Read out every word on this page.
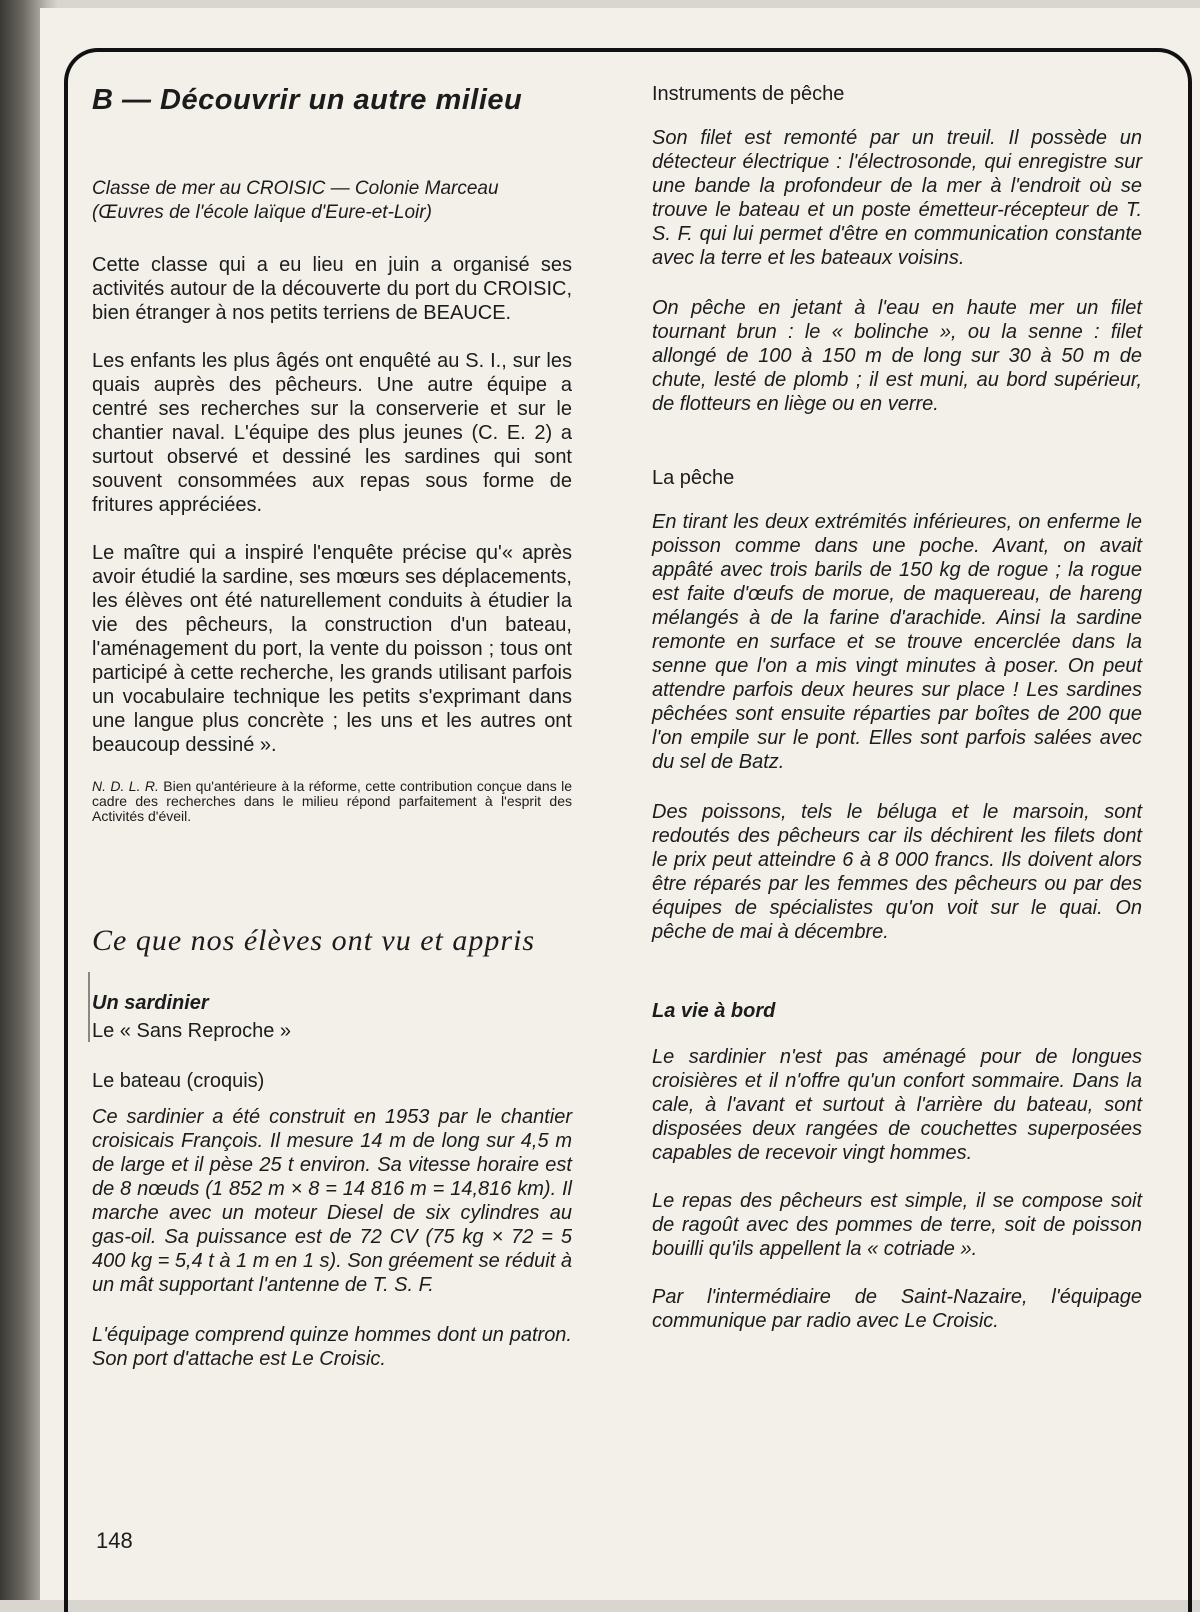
B — Découvrir un autre milieu

Classe de mer au CROISIC — Colonie Marceau

(Œuvres de l'école laïque d'Eure-et-Loir)

Cette classe qui a eu lieu en juin a organisé ses activités autour de la découverte du port du CROISIC, bien étranger à nos petits terriens de BEAUCE.

Les enfants les plus âgés ont enquêté au S. I., sur les quais auprès des pêcheurs. Une autre équipe a centré ses recherches sur la conserverie et sur le chantier naval. L'équipe des plus jeunes (C. E. 2) a surtout observé et dessiné les sardines qui sont souvent consommées aux repas sous forme de fritures appréciées.

Le maître qui a inspiré l'enquête précise qu'« après avoir étudié la sardine, ses mœurs ses déplacements, les élèves ont été naturellement conduits à étudier la vie des pêcheurs, la construction d'un bateau, l'aménagement du port, la vente du poisson ; tous ont participé à cette recherche, les grands utilisant parfois un vocabulaire technique les petits s'exprimant dans une langue plus concrète ; les uns et les autres ont beaucoup dessiné ».

N. D. L. R. Bien qu'antérieure à la réforme, cette contribution conçue dans le cadre des recherches dans le milieu répond parfaitement à l'esprit des Activités d'éveil.

Ce que nos élèves ont vu et appris
Un sardinier

Le « Sans Reproche »

Le bateau (croquis)

Ce sardinier a été construit en 1953 par le chantier croisicais François. Il mesure 14 m de long sur 4,5 m de large et il pèse 25 t environ. Sa vitesse horaire est de 8 nœuds (1 852 m × 8 = 14 816 m = 14,816 km). Il marche avec un moteur Diesel de six cylindres au gas-oil. Sa puissance est de 72 CV (75 kg × 72 = 5 400 kg = 5,4 t à 1 m en 1 s). Son gréement se réduit à un mât supportant l'antenne de T. S. F.

L'équipage comprend quinze hommes dont un patron. Son port d'attache est Le Croisic.

Instruments de pêche

Son filet est remonté par un treuil. Il possède un détecteur électrique : l'électrosonde, qui enregistre sur une bande la profondeur de la mer à l'endroit où se trouve le bateau et un poste émetteur-récepteur de T. S. F. qui lui permet d'être en communication constante avec la terre et les bateaux voisins.

On pêche en jetant à l'eau en haute mer un filet tournant brun : le « bolinche », ou la senne : filet allongé de 100 à 150 m de long sur 30 à 50 m de chute, lesté de plomb ; il est muni, au bord supérieur, de flotteurs en liège ou en verre.

La pêche

En tirant les deux extrémités inférieures, on enferme le poisson comme dans une poche. Avant, on avait appâté avec trois barils de 150 kg de rogue ; la rogue est faite d'œufs de morue, de maquereau, de hareng mélangés à de la farine d'arachide. Ainsi la sardine remonte en surface et se trouve encerclée dans la senne que l'on a mis vingt minutes à poser. On peut attendre parfois deux heures sur place ! Les sardines pêchées sont ensuite réparties par boîtes de 200 que l'on empile sur le pont. Elles sont parfois salées avec du sel de Batz.

Des poissons, tels le béluga et le marsoin, sont redoutés des pêcheurs car ils déchirent les filets dont le prix peut atteindre 6 à 8 000 francs. Ils doivent alors être réparés par les femmes des pêcheurs ou par des équipes de spécialistes qu'on voit sur le quai. On pêche de mai à décembre.

La vie à bord

Le sardinier n'est pas aménagé pour de longues croisières et il n'offre qu'un confort sommaire. Dans la cale, à l'avant et surtout à l'arrière du bateau, sont disposées deux rangées de couchettes superposées capables de recevoir vingt hommes.

Le repas des pêcheurs est simple, il se compose soit de ragoût avec des pommes de terre, soit de poisson bouilli qu'ils appellent la « cotriade ».

Par l'intermédiaire de Saint-Nazaire, l'équipage communique par radio avec Le Croisic.

148
